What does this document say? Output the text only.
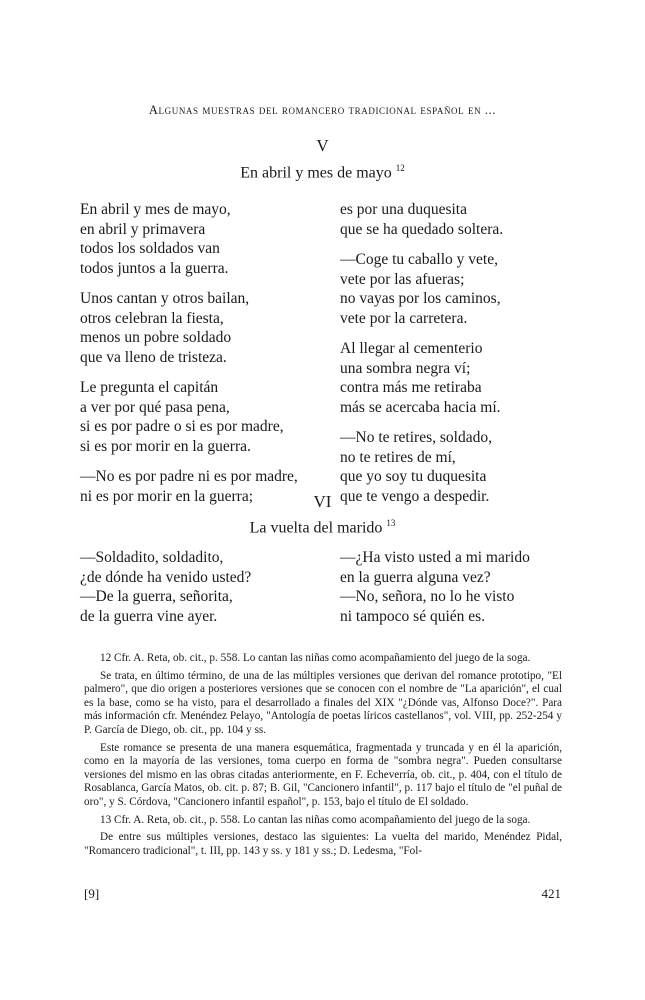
Algunas muestras del romancero tradicional español en ...
V
En abril y mes de mayo $^{12}$
En abril y mes de mayo,
en abril y primavera
todos los soldados van
todos juntos a la guerra.
Unos cantan y otros bailan,
otros celebran la fiesta,
menos un pobre soldado
que va lleno de tristeza.
Le pregunta el capitán
a ver por qué pasa pena,
si es por padre o si es por madre,
si es por morir en la guerra.
—No es por padre ni es por madre,
ni es por morir en la guerra;
es por una duquesita
que se ha quedado soltera.
—Coge tu caballo y vete,
vete por las afueras;
no vayas por los caminos,
vete por la carretera.
Al llegar al cementerio
una sombra negra ví;
contra más me retiraba
más se acercaba hacia mí.
—No te retires, soldado,
no te retires de mí,
que yo soy tu duquesita
que te vengo a despedir.
VI
La vuelta del marido $^{13}$
—Soldadito, soldadito,
¿de dónde ha venido usted?
—De la guerra, señorita,
de la guerra vine ayer.
—¿Ha visto usted a mi marido
en la guerra alguna vez?
—No, señora, no lo he visto
ni tampoco sé quién es.

12 Cfr. A. Reta, ob. cit., p. 558. Lo cantan las niñas como acompañamiento del juego de la soga.

Se trata, en último término, de una de las múltiples versiones que derivan del romance prototipo, "El palmero", que dio origen a posteriores versiones que se conocen con el nombre de "La aparición", el cual es la base, como se ha visto, para el desarrollado a finales del XIX "¿Dónde vas, Alfonso Doce?". Para más información cfr. Menéndez Pelayo, "Antología de poetas líricos castellanos", vol. VIII, pp. 252-254 y P. García de Diego, ob. cit., pp. 104 y ss.

Este romance se presenta de una manera esquemática, fragmentada y truncada y en él la aparición, como en la mayoría de las versiones, toma cuerpo en forma de "sombra negra". Pueden consultarse versiones del mismo en las obras citadas anteriormente, en F. Echeverría, ob. cit., p. 404, con el título de Rosablanca, García Matos, ob. cit. p. 87; B. Gil, "Cancionero infantil", p. 117 bajo el título de "el puñal de oro", y S. Córdova, "Cancionero infantil español", p. 153, bajo el título de El soldado.

13 Cfr. A. Reta, ob. cit., p. 558. Lo cantan las niñas como acompañamiento del juego de la soga.

De entre sus múltiples versiones, destaco las siguientes: La vuelta del marido, Menéndez Pidal, "Romancero tradicional", t. III, pp. 143 y ss. y 181 y ss.; D. Ledesma, "Fol-

[9]	421
